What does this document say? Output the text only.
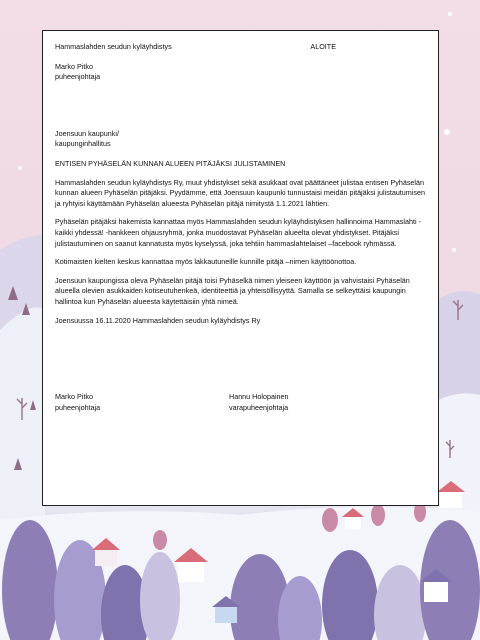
Hammaslahden seudun kyläyhdistys	ALOITE

Marko Pitko

puheenjohtaja

Joensuun kaupunki/

kaupunginhallitus

ENTISEN PYHÄSELÄN KUNNAN ALUEEN PITÄJÄKSI JULISTAMINEN

Hammaslahden seudun kyläyhdistys Ry, muut yhdistykset sekä asukkaat ovat päättäneet julistaa entisen Pyhäselän kunnan alueen Pyhäselän pitäjäksi. Pyydämme, että Joensuun kaupunki tunnustaisi meidän pitäjäksi julistautumisen ja ryhtyisi käyttämään Pyhäselän alueesta Pyhäselän pitäjä nimitystä 1.1.2021 lähtien.

Pyhäselän pitäjäksi hakemista kannattaa myös Hammaslahden seudun kyläyhdistyksen hallinnoima Hammaslahti - kaikki yhdessä! -hankkeen ohjausryhmä, jonka muodostavat Pyhäselän alueelta olevat yhdistykset. Pitäjäksi julistautuminen on saanut kannatusta myös kyselyssä, joka tehtiin hammaslahtelaiset –facebook ryhmässä.

Kotimaisten kielten keskus kannattaa myös lakkautuneille kunnille pitäjä –nimen käyttöönottoa.

Joensuun kaupungissa oleva Pyhäselän pitäjä toisi Pyhäselkä nimen yleiseen käyttöön ja vahvistaisi Pyhäselän alueella olevien asukkaiden kotiseutuhenkeä, identiteettiä ja yhteisöllisyyttä. Samalla se selkeyttäisi kaupungin hallintoa kun Pyhäselän alueesta käytettäisiin yhtä nimeä.

Joensuussa 16.11.2020 Hammaslahden seudun kyläyhdistys Ry

Marko Pitko

puheenjohtaja

Hannu Holopainen

varapuheenjohtaja
